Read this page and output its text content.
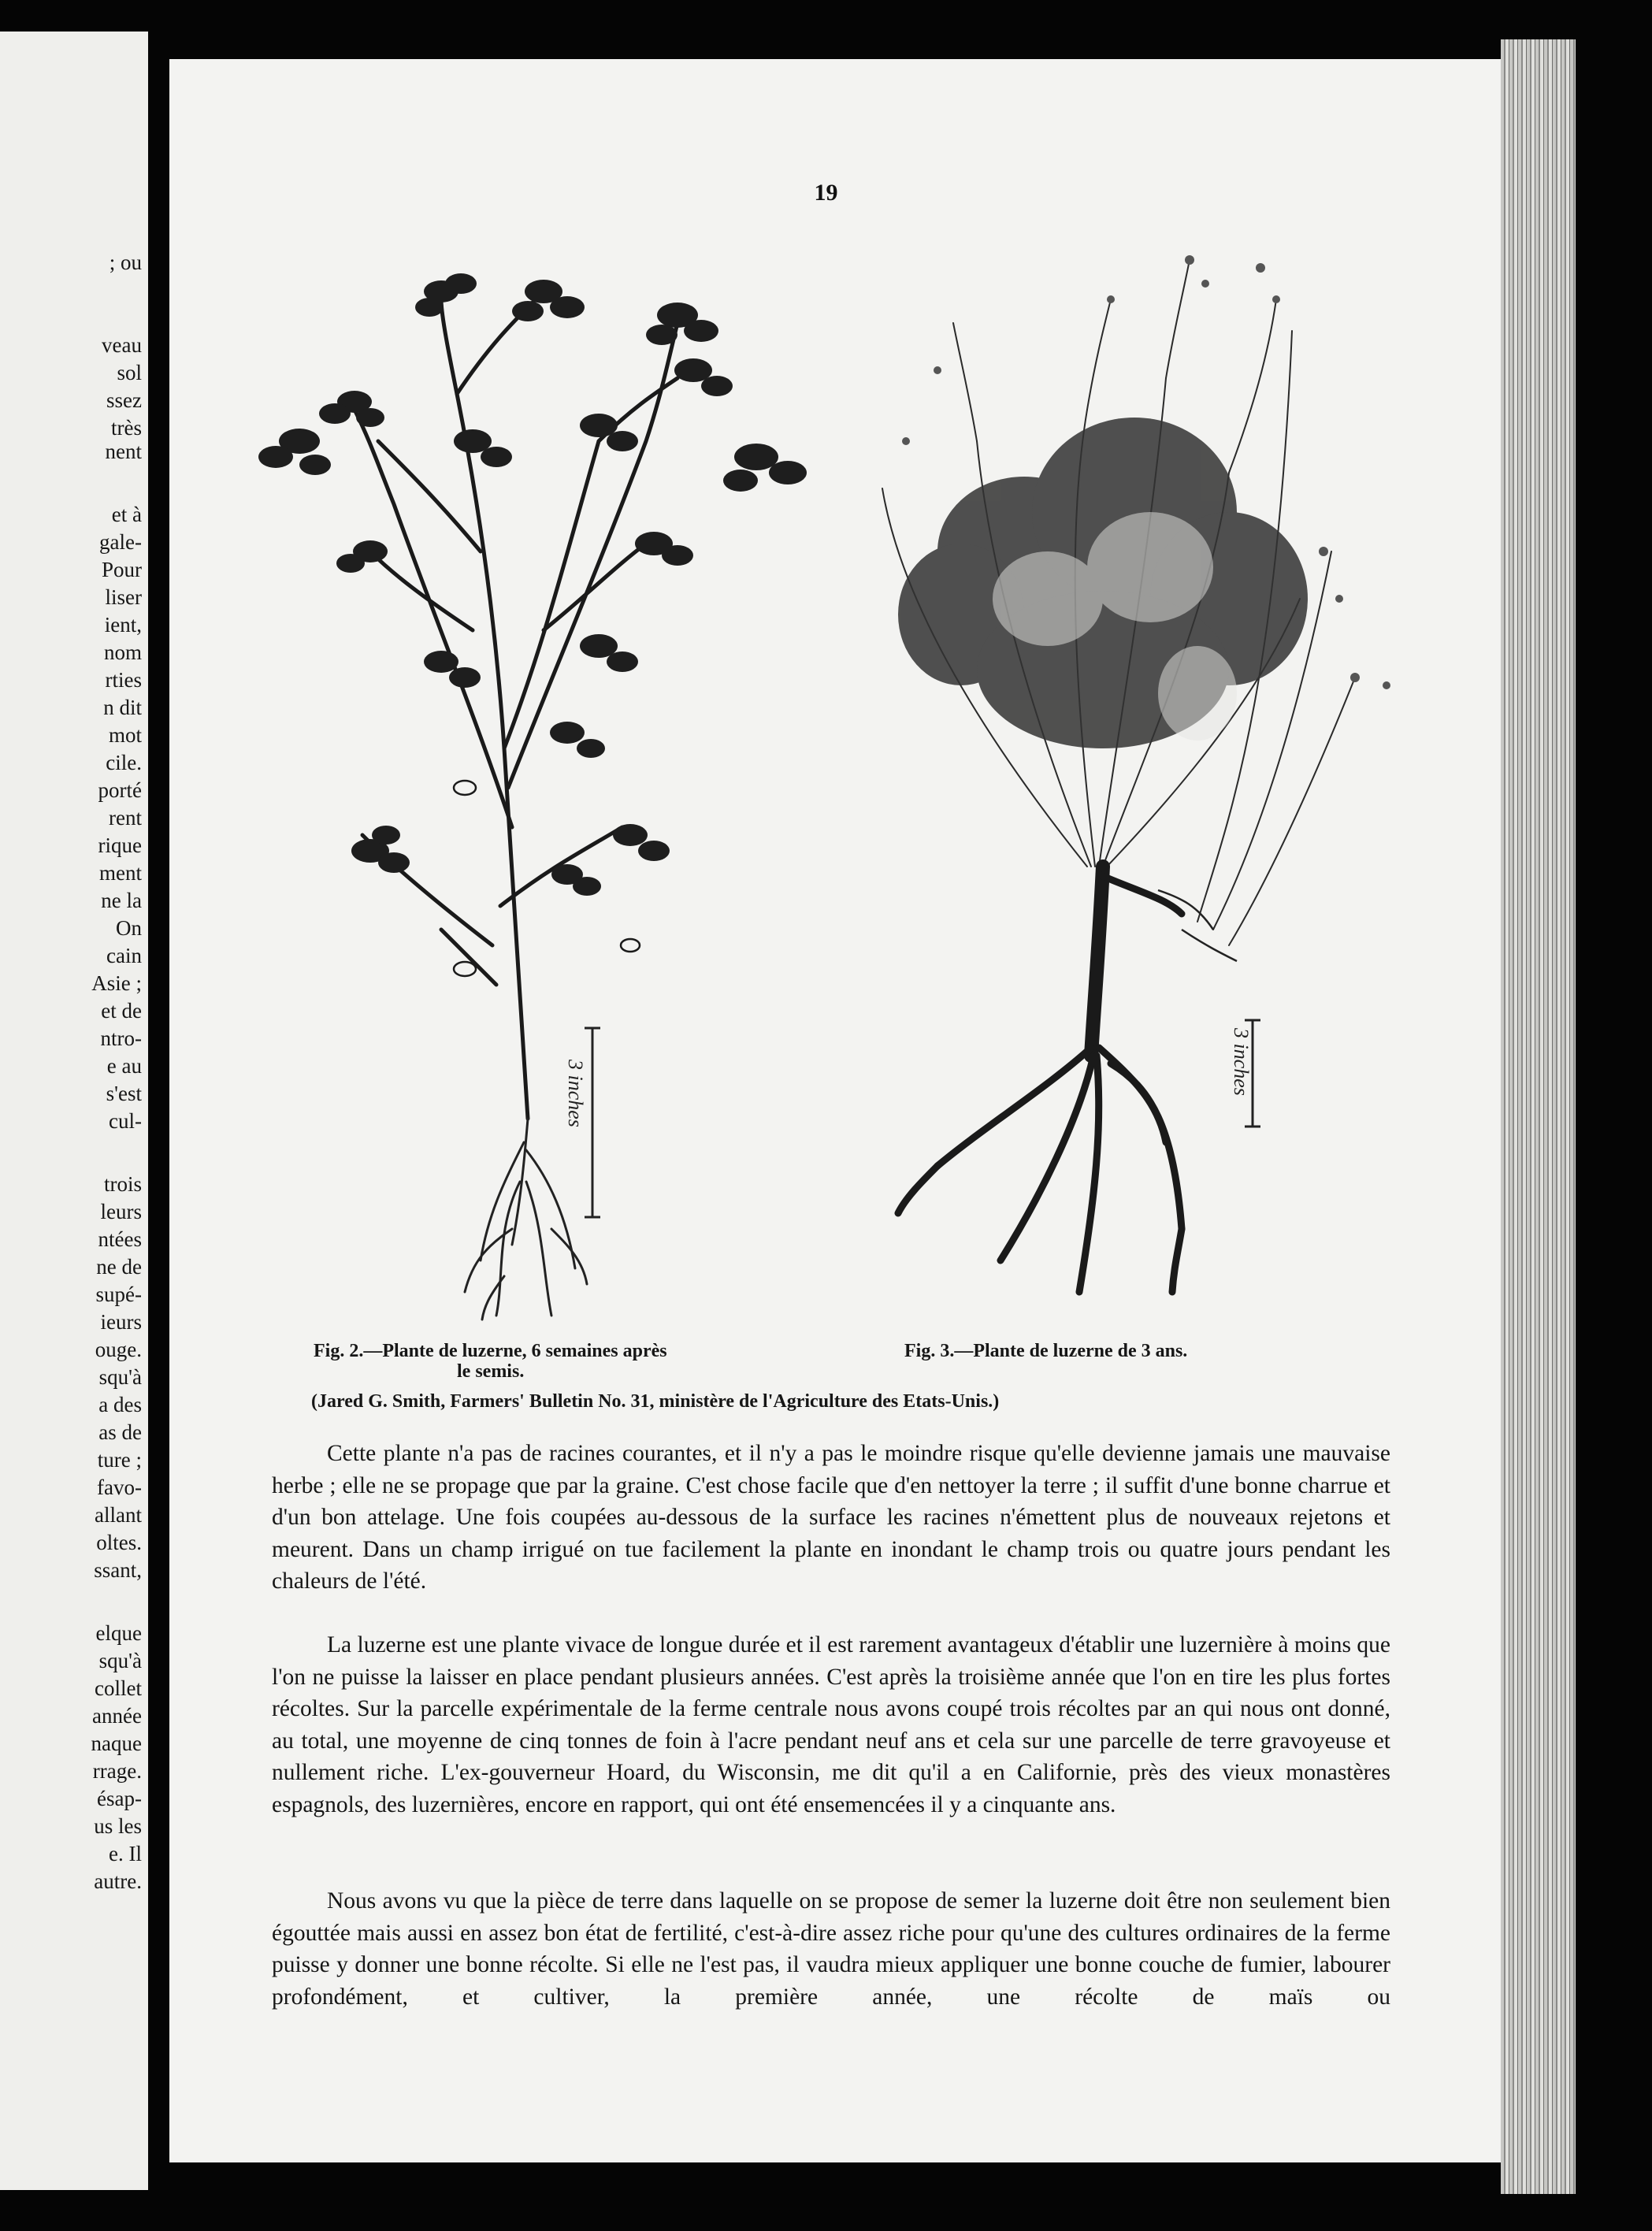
; ou
veau
sol
ssez
très
nent
et à
gale-
Pour
liser
ient,
nom
rties
n dit
mot
cile.
porté
rent
rique
ment
ne la
On
cain
Asie ;
et de
ntro-
e au
s'est
cul-
trois
leurs
ntées
ne de
supé-
ieurs
ouge.
squ'à
a des
as de
ture ;
favo-
allant
oltes.
ssant,
elque
squ'à
collet
année
naque
rrage.
ésap-
us les
e. Il
autre.
19
3 inches	3 inches
Fig. 2.—Plante de luzerne, 6 semaines après
le semis.
Fig. 3.—Plante de luzerne de 3 ans.
(Jared G. Smith, Farmers' Bulletin No. 31, ministère de l'Agriculture des Etats-Unis.)

Cette plante n'a pas de racines courantes, et il n'y a pas le moindre risque qu'elle devienne jamais une mauvaise herbe ; elle ne se propage que par la graine. C'est chose facile que d'en nettoyer la terre ; il suffit d'une bonne charrue et d'un bon attelage. Une fois coupées au-dessous de la surface les racines n'émettent plus de nouveaux rejetons et meurent. Dans un champ irrigué on tue facilement la plante en inondant le champ trois ou quatre jours pendant les chaleurs de l'été.

La luzerne est une plante vivace de longue durée et il est rarement avantageux d'établir une luzernière à moins que l'on ne puisse la laisser en place pendant plusieurs années. C'est après la troisième année que l'on en tire les plus fortes récoltes. Sur la parcelle expérimentale de la ferme centrale nous avons coupé trois récoltes par an qui nous ont donné, au total, une moyenne de cinq tonnes de foin à l'acre pendant neuf ans et cela sur une parcelle de terre gravoyeuse et nullement riche. L'ex-gouverneur Hoard, du Wisconsin, me dit qu'il a en Californie, près des vieux monastères espagnols, des luzernières, encore en rapport, qui ont été ensemencées il y a cinquante ans.

Nous avons vu que la pièce de terre dans laquelle on se propose de semer la luzerne doit être non seulement bien égouttée mais aussi en assez bon état de fertilité, c'est-à-dire assez riche pour qu'une des cultures ordinaires de la ferme puisse y donner une bonne récolte. Si elle ne l'est pas, il vaudra mieux appliquer une bonne couche de fumier, labourer profondément, et cultiver, la première année, une récolte de maïs ou
